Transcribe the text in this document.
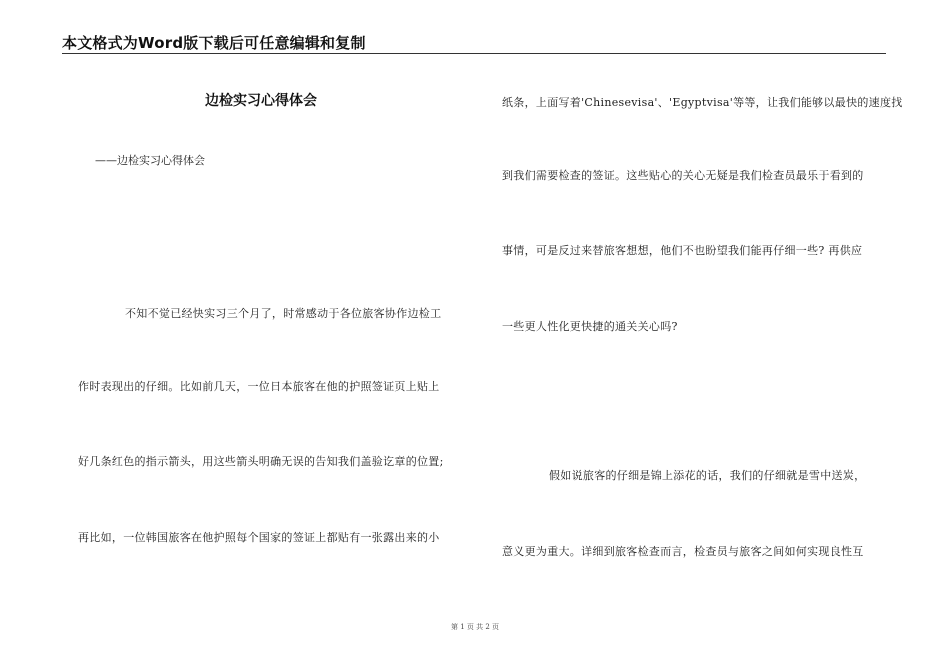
本文格式为Word版下载后可任意编辑和复制
边检实习心得体会
——边检实习心得体会
不知不觉已经快实习三个月了，时常感动于各位旅客协作边检工
作时表现出的仔细。比如前几天，一位日本旅客在他的护照签证页上贴上
好几条红色的指示箭头，用这些箭头明确无误的告知我们盖验讫章的位置;
再比如，一位韩国旅客在他护照每个国家的签证上都贴有一张露出来的小
纸条，上面写着'Chinesevisa'、'Egyptvisa'等等，让我们能够以最快的速度找
到我们需要检查的签证。这些贴心的关心无疑是我们检查员最乐于看到的
事情，可是反过来替旅客想想，他们不也盼望我们能再仔细一些? 再供应
一些更人性化更快捷的通关关心吗?
假如说旅客的仔细是锦上添花的话，我们的仔细就是雪中送炭，
意义更为重大。详细到旅客检查而言，检查员与旅客之间如何实现良性互
第 1 页 共 2 页
